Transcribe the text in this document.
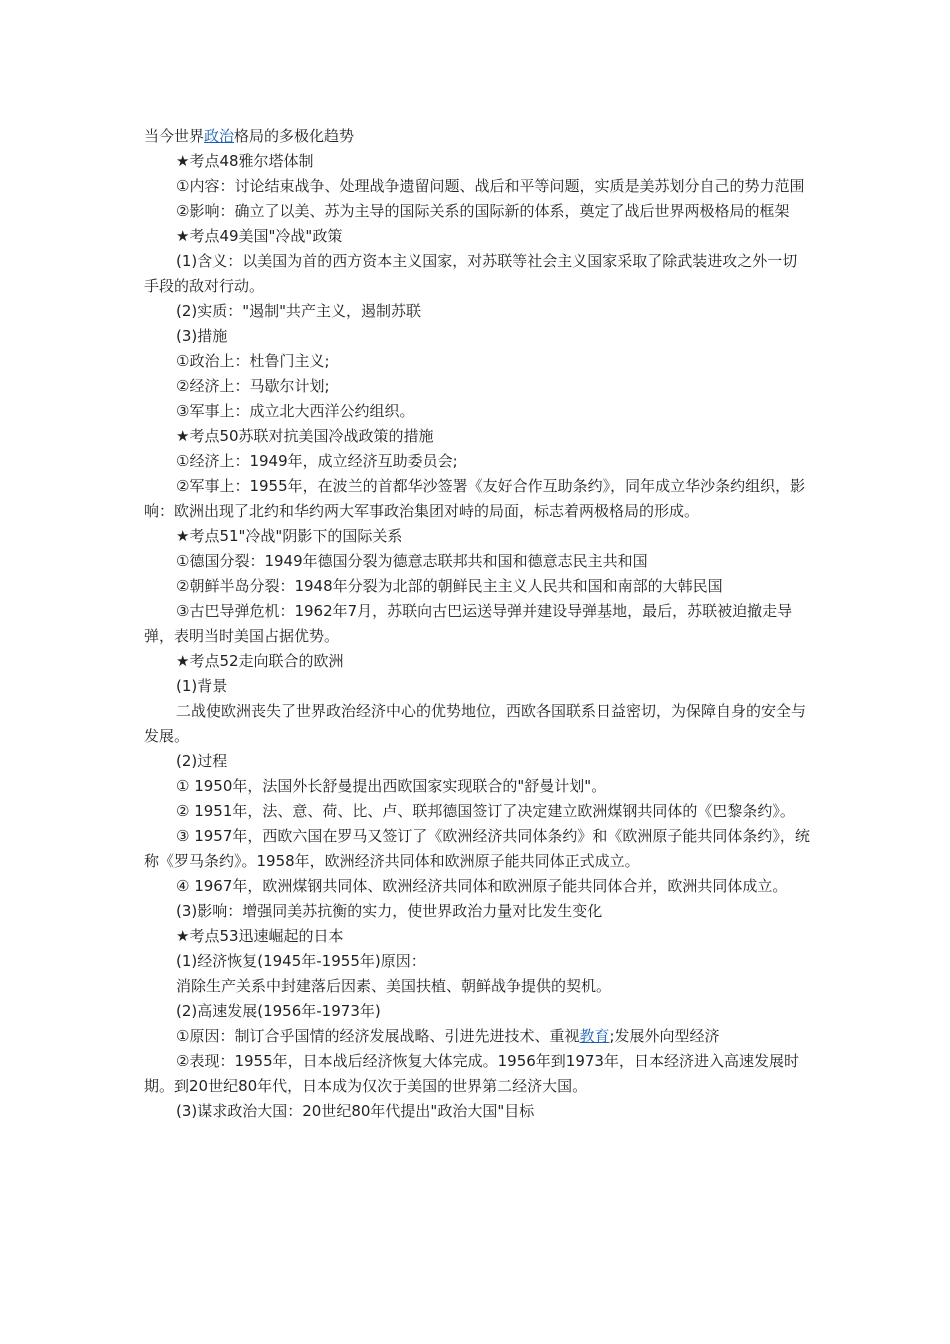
当今世界政治格局的多极化趋势

★考点48雅尔塔体制

①内容：讨论结束战争、处理战争遗留问题、战后和平等问题，实质是美苏划分自己的势力范围

②影响：确立了以美、苏为主导的国际关系的国际新的体系，奠定了战后世界两极格局的框架

★考点49美国"冷战"政策

(1)含义：以美国为首的西方资本主义国家，对苏联等社会主义国家采取了除武装进攻之外一切手段的敌对行动。

(2)实质："遏制"共产主义，遏制苏联

(3)措施

①政治上：杜鲁门主义;

②经济上：马歇尔计划;

③军事上：成立北大西洋公约组织。

★考点50苏联对抗美国冷战政策的措施

①经济上：1949年，成立经济互助委员会;

②军事上：1955年，在波兰的首都华沙签署《友好合作互助条约》，同年成立华沙条约组织，影响：欧洲出现了北约和华约两大军事政治集团对峙的局面，标志着两极格局的形成。

★考点51"冷战"阴影下的国际关系

①德国分裂：1949年德国分裂为德意志联邦共和国和德意志民主共和国

②朝鲜半岛分裂：1948年分裂为北部的朝鲜民主主义人民共和国和南部的大韩民国

③古巴导弹危机：1962年7月，苏联向古巴运送导弹并建设导弹基地，最后，苏联被迫撤走导弹，表明当时美国占据优势。

★考点52走向联合的欧洲

(1)背景

二战使欧洲丧失了世界政治经济中心的优势地位，西欧各国联系日益密切，为保障自身的安全与发展。

(2)过程

① 1950年，法国外长舒曼提出西欧国家实现联合的"舒曼计划"。

② 1951年，法、意、荷、比、卢、联邦德国签订了决定建立欧洲煤钢共同体的《巴黎条约》。

③ 1957年，西欧六国在罗马又签订了《欧洲经济共同体条约》和《欧洲原子能共同体条约》，统称《罗马条约》。1958年，欧洲经济共同体和欧洲原子能共同体正式成立。

④ 1967年，欧洲煤钢共同体、欧洲经济共同体和欧洲原子能共同体合并，欧洲共同体成立。

(3)影响：增强同美苏抗衡的实力，使世界政治力量对比发生变化

★考点53迅速崛起的日本

(1)经济恢复(1945年-1955年)原因：

消除生产关系中封建落后因素、美国扶植、朝鲜战争提供的契机。

(2)高速发展(1956年-1973年)

①原因：制订合乎国情的经济发展战略、引进先进技术、重视教育;发展外向型经济

②表现：1955年，日本战后经济恢复大体完成。1956年到1973年，日本经济进入高速发展时期。到20世纪80年代，日本成为仅次于美国的世界第二经济大国。

(3)谋求政治大国：20世纪80年代提出"政治大国"目标
